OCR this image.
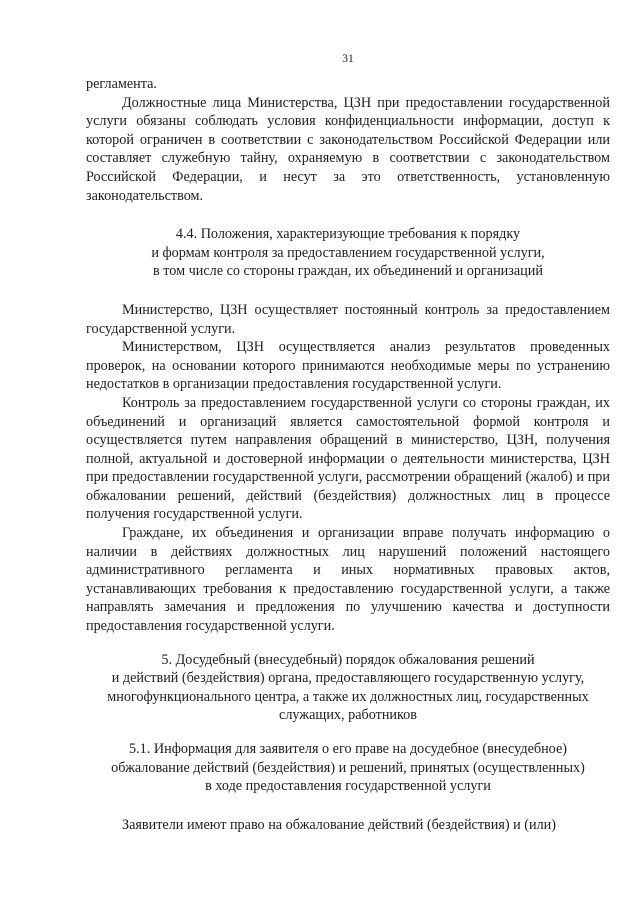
31

регламента.

Должностные лица Министерства, ЦЗН при предоставлении государственной услуги обязаны соблюдать условия конфиденциальности информации, доступ к которой ограничен в соответствии с законодательством Российской Федерации или составляет служебную тайну, охраняемую в соответствии с законодательством Российской Федерации, и несут за это ответственность, установленную законодательством.

4.4. Положения, характеризующие требования к порядку
и формам контроля за предоставлением государственной услуги,
в том числе со стороны граждан, их объединений и организаций

Министерство, ЦЗН осуществляет постоянный контроль за предоставлением государственной услуги.

Министерством, ЦЗН осуществляется анализ результатов проведенных проверок, на основании которого принимаются необходимые меры по устранению недостатков в организации предоставления государственной услуги.

Контроль за предоставлением государственной услуги со стороны граждан, их объединений и организаций является самостоятельной формой контроля и осуществляется путем направления обращений в министерство, ЦЗН, получения полной, актуальной и достоверной информации о деятельности министерства, ЦЗН при предоставлении государственной услуги, рассмотрении обращений (жалоб) и при обжаловании решений, действий (бездействия) должностных лиц в процессе получения государственной услуги.

Граждане, их объединения и организации вправе получать информацию о наличии в действиях должностных лиц нарушений положений настоящего административного регламента и иных нормативных правовых актов, устанавливающих требования к предоставлению государственной услуги, а также направлять замечания и предложения по улучшению качества и доступности предоставления государственной услуги.

5. Досудебный (внесудебный) порядок обжалования решений
и действий (бездействия) органа, предоставляющего государственную услугу,
многофункционального центра, а также их должностных лиц, государственных
служащих, работников
5.1. Информация для заявителя о его праве на досудебное (внесудебное)
обжалование действий (бездействия) и решений, принятых (осуществленных)
в ходе предоставления государственной услуги

Заявители имеют право на обжалование действий (бездействия) и (или)
